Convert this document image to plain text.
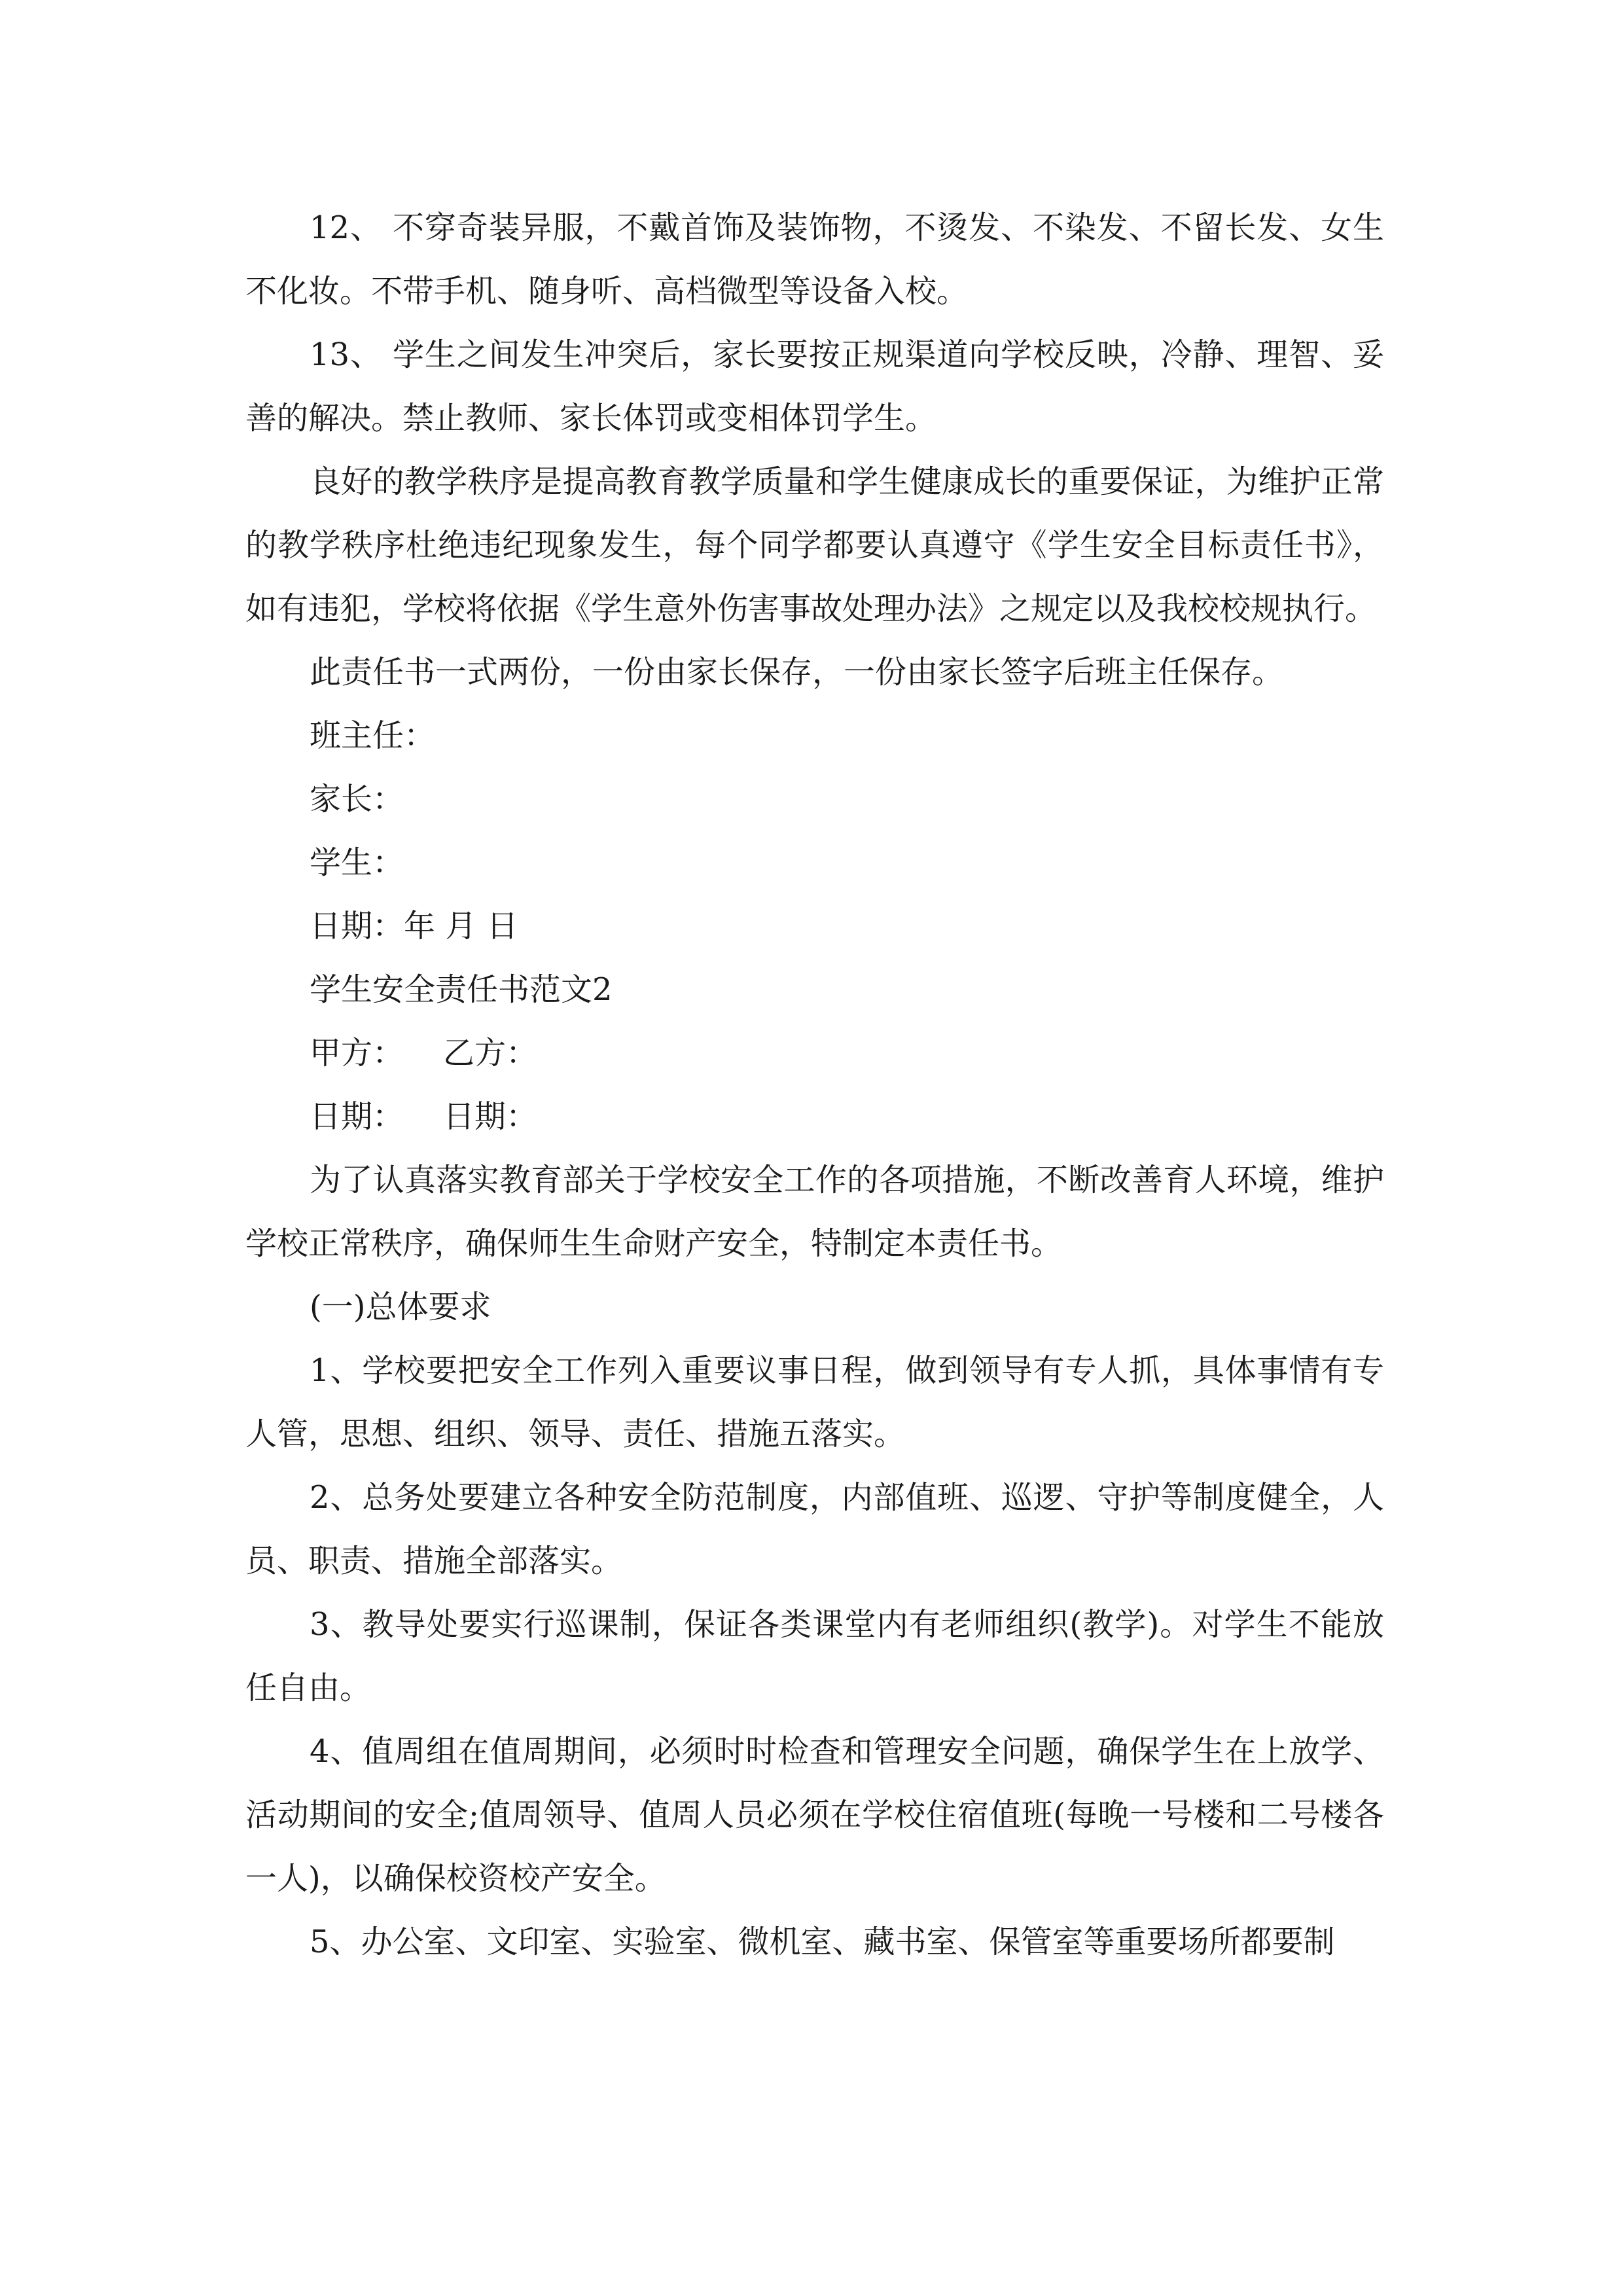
12、 不穿奇装异服，不戴首饰及装饰物，不烫发、不染发、不留长发、女生不化妆。不带手机、随身听、高档微型等设备入校。

13、 学生之间发生冲突后，家长要按正规渠道向学校反映，冷静、理智、妥善的解决。禁止教师、家长体罚或变相体罚学生。

良好的教学秩序是提高教育教学质量和学生健康成长的重要保证，为维护正常的教学秩序杜绝违纪现象发生，每个同学都要认真遵守《学生安全目标责任书》，如有违犯，学校将依据《学生意外伤害事故处理办法》之规定以及我校校规执行。

此责任书一式两份，一份由家长保存，一份由家长签字后班主任保存。

班主任：

家长：

学生：

日期：年 月 日

学生安全责任书范文2

甲方： 乙方：

日期： 日期：

为了认真落实教育部关于学校安全工作的各项措施，不断改善育人环境，维护学校正常秩序，确保师生生命财产安全，特制定本责任书。

(一)总体要求

1、学校要把安全工作列入重要议事日程，做到领导有专人抓，具体事情有专人管，思想、组织、领导、责任、措施五落实。

2、总务处要建立各种安全防范制度，内部值班、巡逻、守护等制度健全，人员、职责、措施全部落实。

3、教导处要实行巡课制，保证各类课堂内有老师组织(教学)。对学生不能放任自由。

4、值周组在值周期间，必须时时检查和管理安全问题，确保学生在上放学、活动期间的安全;值周领导、值周人员必须在学校住宿值班(每晚一号楼和二号楼各一人)，以确保校资校产安全。

5、办公室、文印室、实验室、微机室、藏书室、保管室等重要场所都要制
